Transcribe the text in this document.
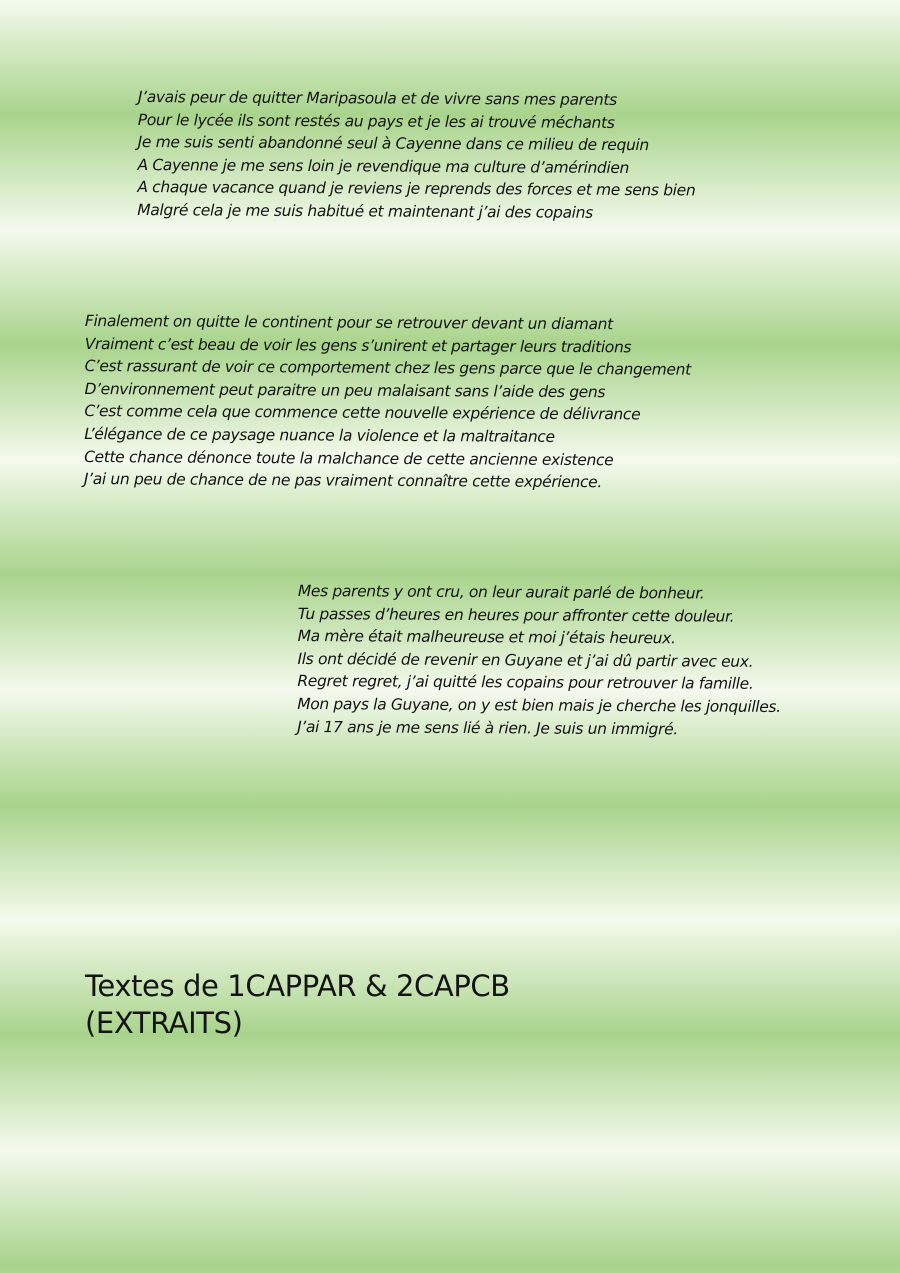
J’avais peur de quitter Maripasoula et de vivre sans mes parents
Pour le lycée ils sont restés au pays et je les ai trouvé méchants
Je me suis senti abandonné seul à Cayenne dans ce milieu de requin
A Cayenne je me sens loin je revendique ma culture d’amérindien
A chaque vacance quand je reviens je reprends des forces et me sens bien
Malgré cela je me suis habitué et maintenant j’ai des copains
Finalement on quitte le continent pour se retrouver devant un diamant
Vraiment c’est beau de voir les gens s’unirent et partager leurs traditions
C’est rassurant de voir ce comportement chez les gens parce que le changement
D’environnement peut paraitre un peu malaisant sans l’aide des gens
C’est comme cela que commence cette nouvelle expérience de délivrance
L’élégance de ce paysage nuance la violence et la maltraitance
Cette chance dénonce toute la malchance de cette ancienne existence
J’ai un peu de chance de ne pas vraiment connaître cette expérience.
Mes parents y ont cru, on leur aurait parlé de bonheur.
Tu passes d’heures en heures pour affronter cette douleur.
Ma mère était malheureuse et moi j’étais heureux.
Ils ont décidé de revenir en Guyane et j’ai dû partir avec eux.
Regret regret, j’ai quitté les copains pour retrouver la famille.
Mon pays la Guyane, on y est bien mais je cherche les jonquilles.
J’ai 17 ans je me sens lié à rien. Je suis un immigré.
Textes de 1CAPPAR & 2CAPCB
(EXTRAITS)
